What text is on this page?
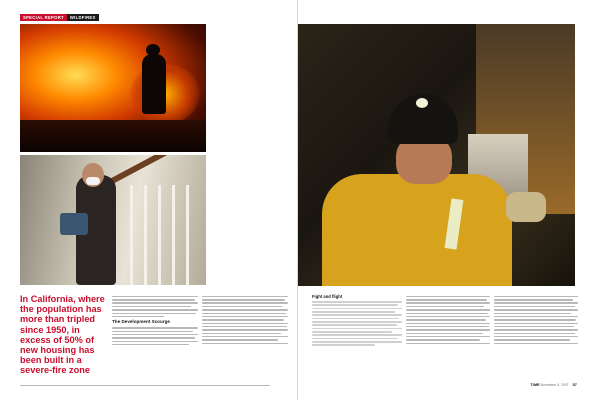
SPECIAL REPORT	WILDFIRES
In California, where the population has more than tripled since 1950, in excess of 50% of new housing has been built in a severe-fire zone
The Development Scourge
Fight and flight
TIME November 5, 2007 57
